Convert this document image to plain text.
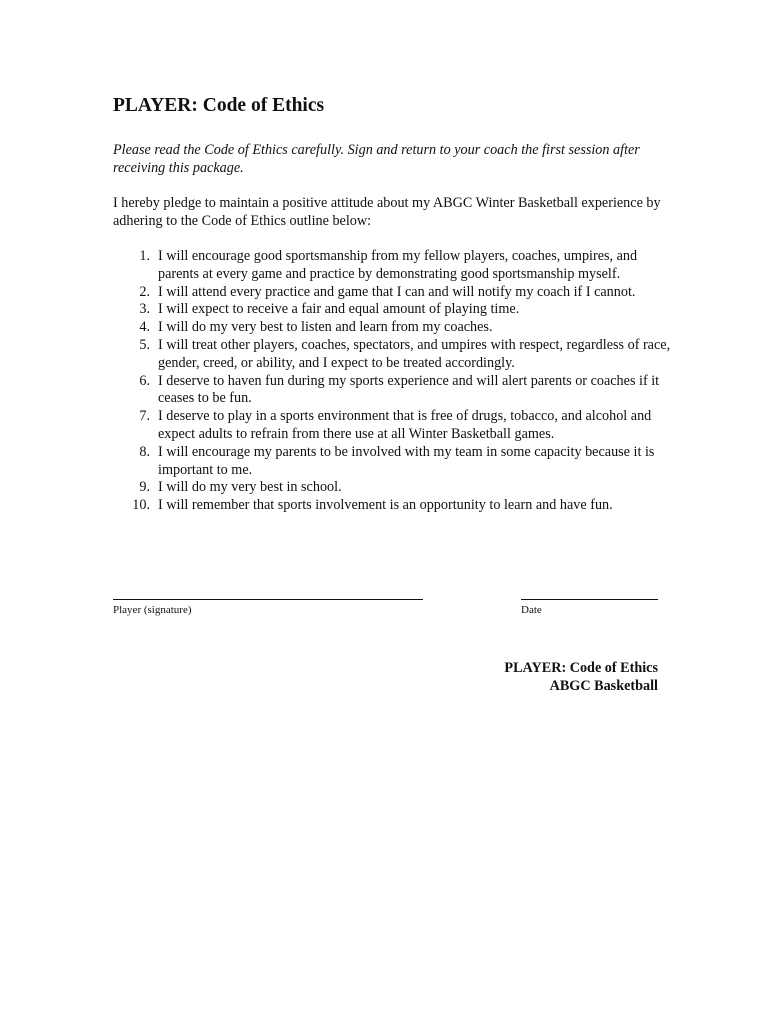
PLAYER: Code of Ethics

Please read the Code of Ethics carefully. Sign and return to your coach the first session after receiving this package.

I hereby pledge to maintain a positive attitude about my ABGC Winter Basketball experience by adhering to the Code of Ethics outline below:

1. I will encourage good sportsmanship from my fellow players, coaches, umpires, and parents at every game and practice by demonstrating good sportsmanship myself.
2. I will attend every practice and game that I can and will notify my coach if I cannot.
3. I will expect to receive a fair and equal amount of playing time.
4. I will do my very best to listen and learn from my coaches.
5. I will treat other players, coaches, spectators, and umpires with respect, regardless of race, gender, creed, or ability, and I expect to be treated accordingly.
6. I deserve to haven fun during my sports experience and will alert parents or coaches if it ceases to be fun.
7. I deserve to play in a sports environment that is free of drugs, tobacco, and alcohol and expect adults to refrain from there use at all Winter Basketball games.
8. I will encourage my parents to be involved with my team in some capacity because it is important to me.
9. I will do my very best in school.
10. I will remember that sports involvement is an opportunity to learn and have fun.
Player (signature)	Date
PLAYER: Code of Ethics
ABGC Basketball
